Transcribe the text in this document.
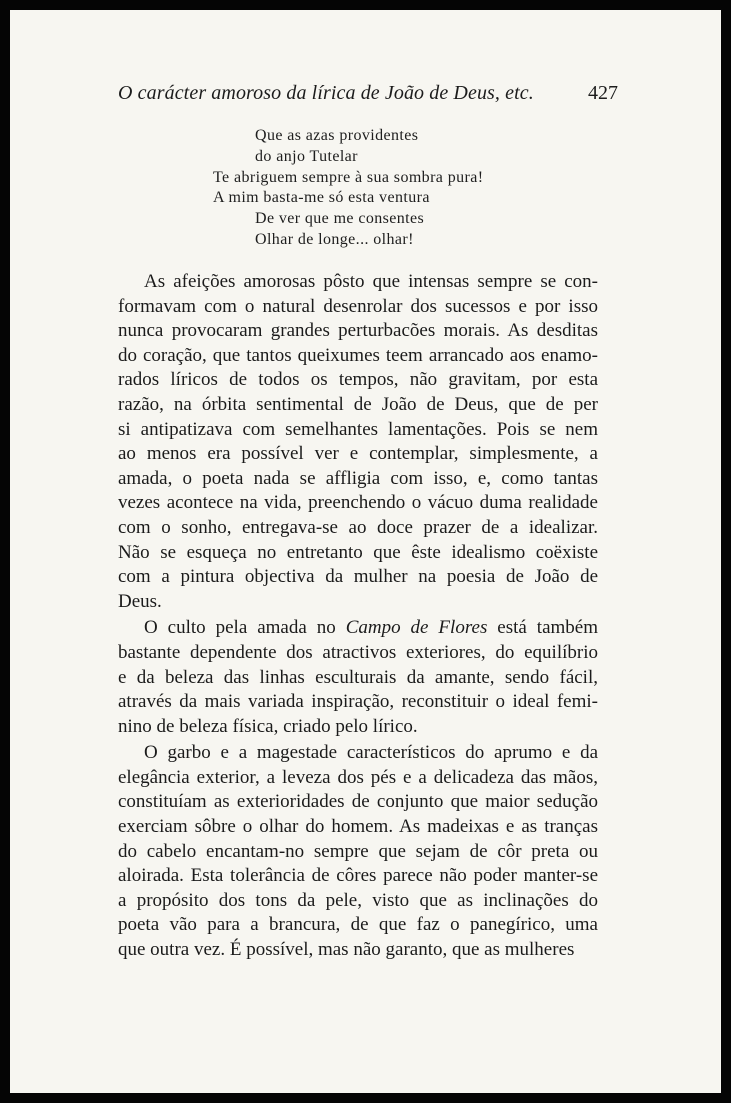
O carácter amoroso da lírica de João de Deus, etc.	427
Que as azas providentes
do anjo Tutelar
Te abriguem sempre à sua sombra pura!
A mim basta-me só esta ventura
De ver que me consentes
Olhar de longe... olhar!
As afeições amorosas pôsto que intensas sempre se con-
formavam com o natural desenrolar dos sucessos e por isso
nunca provocaram grandes perturbacões morais. As desditas
do coração, que tantos queixumes teem arrancado aos enamo-
rados líricos de todos os tempos, não gravitam, por esta
razão, na órbita sentimental de João de Deus, que de per
si antipatizava com semelhantes lamentações. Pois se nem
ao menos era possível ver e contemplar, simplesmente, a
amada, o poeta nada se affligia com isso, e, como tantas
vezes acontece na vida, preenchendo o vácuo duma realidade
com o sonho, entregava-se ao doce prazer de a idealizar.
Não se esqueça no entretanto que êste idealismo coëxiste
com a pintura objectiva da mulher na poesia de João de
Deus.
O culto pela amada no Campo de Flores está também
bastante dependente dos atractivos exteriores, do equilíbrio
e da beleza das linhas esculturais da amante, sendo fácil,
através da mais variada inspiração, reconstituir o ideal femi-
nino de beleza física, criado pelo lírico.
O garbo e a magestade característicos do aprumo e da
elegância exterior, a leveza dos pés e a delicadeza das mãos,
constituíam as exterioridades de conjunto que maior sedução
exerciam sôbre o olhar do homem. As madeixas e as tranças
do cabelo encantam-no sempre que sejam de côr preta ou
aloirada. Esta tolerância de côres parece não poder manter-se
a propósito dos tons da pele, visto que as inclinações do
poeta vão para a brancura, de que faz o panegírico, uma
que outra vez. É possível, mas não garanto, que as mulheres
